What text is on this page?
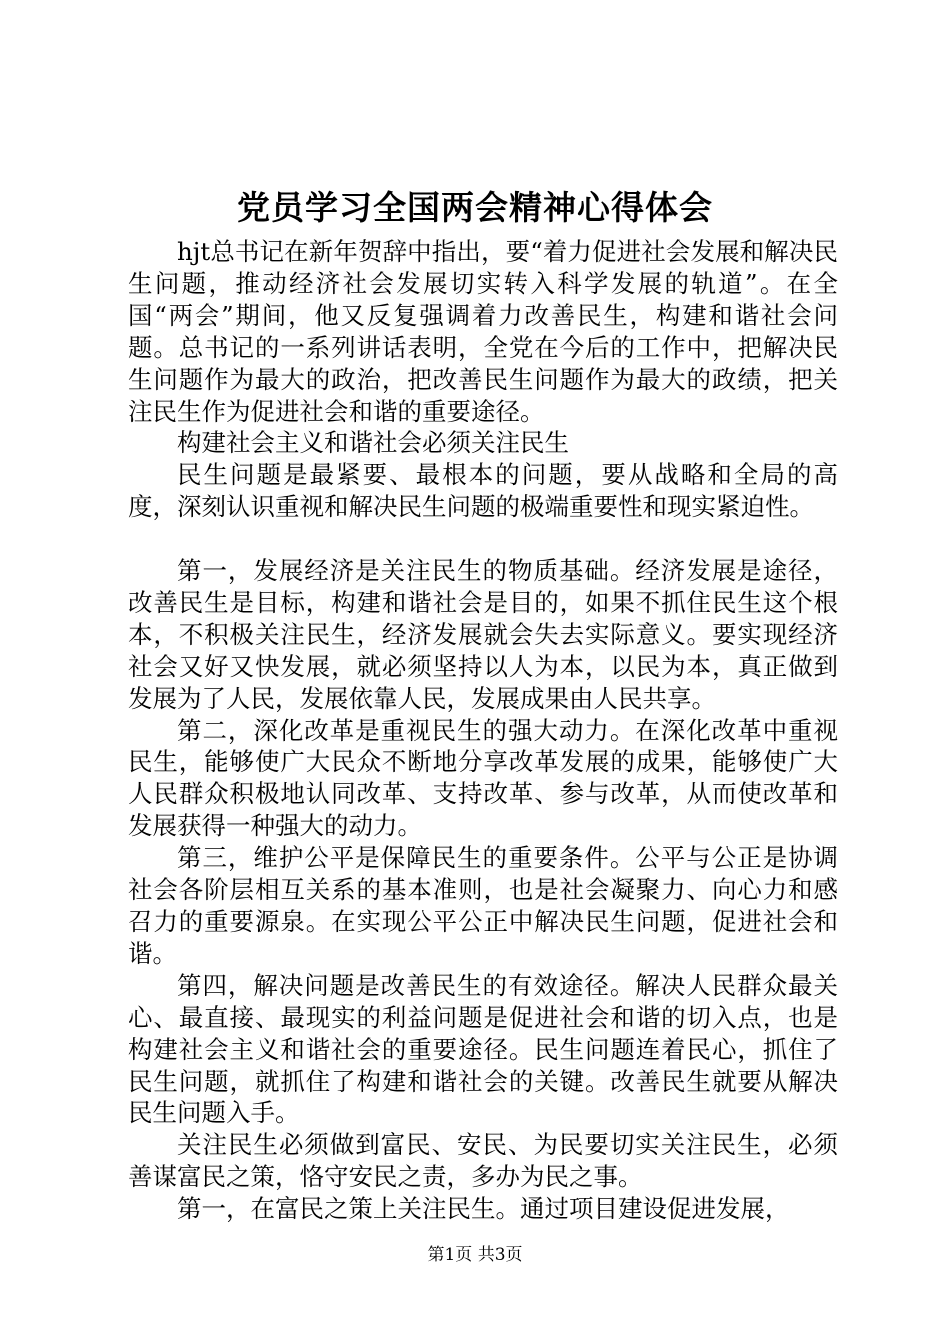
党员学习全国两会精神心得体会

hjt总书记在新年贺辞中指出，要“着力促进社会发展和解决民生问题，推动经济社会发展切实转入科学发展的轨道”。在全国“两会”期间，他又反复强调着力改善民生，构建和谐社会问题。总书记的一系列讲话表明，全党在今后的工作中，把解决民生问题作为最大的政治，把改善民生问题作为最大的政绩，把关注民生作为促进社会和谐的重要途径。

构建社会主义和谐社会必须关注民生

民生问题是最紧要、最根本的问题，要从战略和全局的高度，深刻认识重视和解决民生问题的极端重要性和现实紧迫性。

第一，发展经济是关注民生的物质基础。经济发展是途径，改善民生是目标，构建和谐社会是目的，如果不抓住民生这个根本，不积极关注民生，经济发展就会失去实际意义。要实现经济社会又好又快发展，就必须坚持以人为本，以民为本，真正做到发展为了人民，发展依靠人民，发展成果由人民共享。

第二，深化改革是重视民生的强大动力。在深化改革中重视民生，能够使广大民众不断地分享改革发展的成果，能够使广大人民群众积极地认同改革、支持改革、参与改革，从而使改革和发展获得一种强大的动力。

第三，维护公平是保障民生的重要条件。公平与公正是协调社会各阶层相互关系的基本准则，也是社会凝聚力、向心力和感召力的重要源泉。在实现公平公正中解决民生问题，促进社会和谐。

第四，解决问题是改善民生的有效途径。解决人民群众最关心、最直接、最现实的利益问题是促进社会和谐的切入点，也是构建社会主义和谐社会的重要途径。民生问题连着民心，抓住了民生问题，就抓住了构建和谐社会的关键。改善民生就要从解决民生问题入手。

关注民生必须做到富民、安民、为民要切实关注民生，必须善谋富民之策，恪守安民之责，多办为民之事。

第一，在富民之策上关注民生。通过项目建设促进发展，

第1页 共3页
